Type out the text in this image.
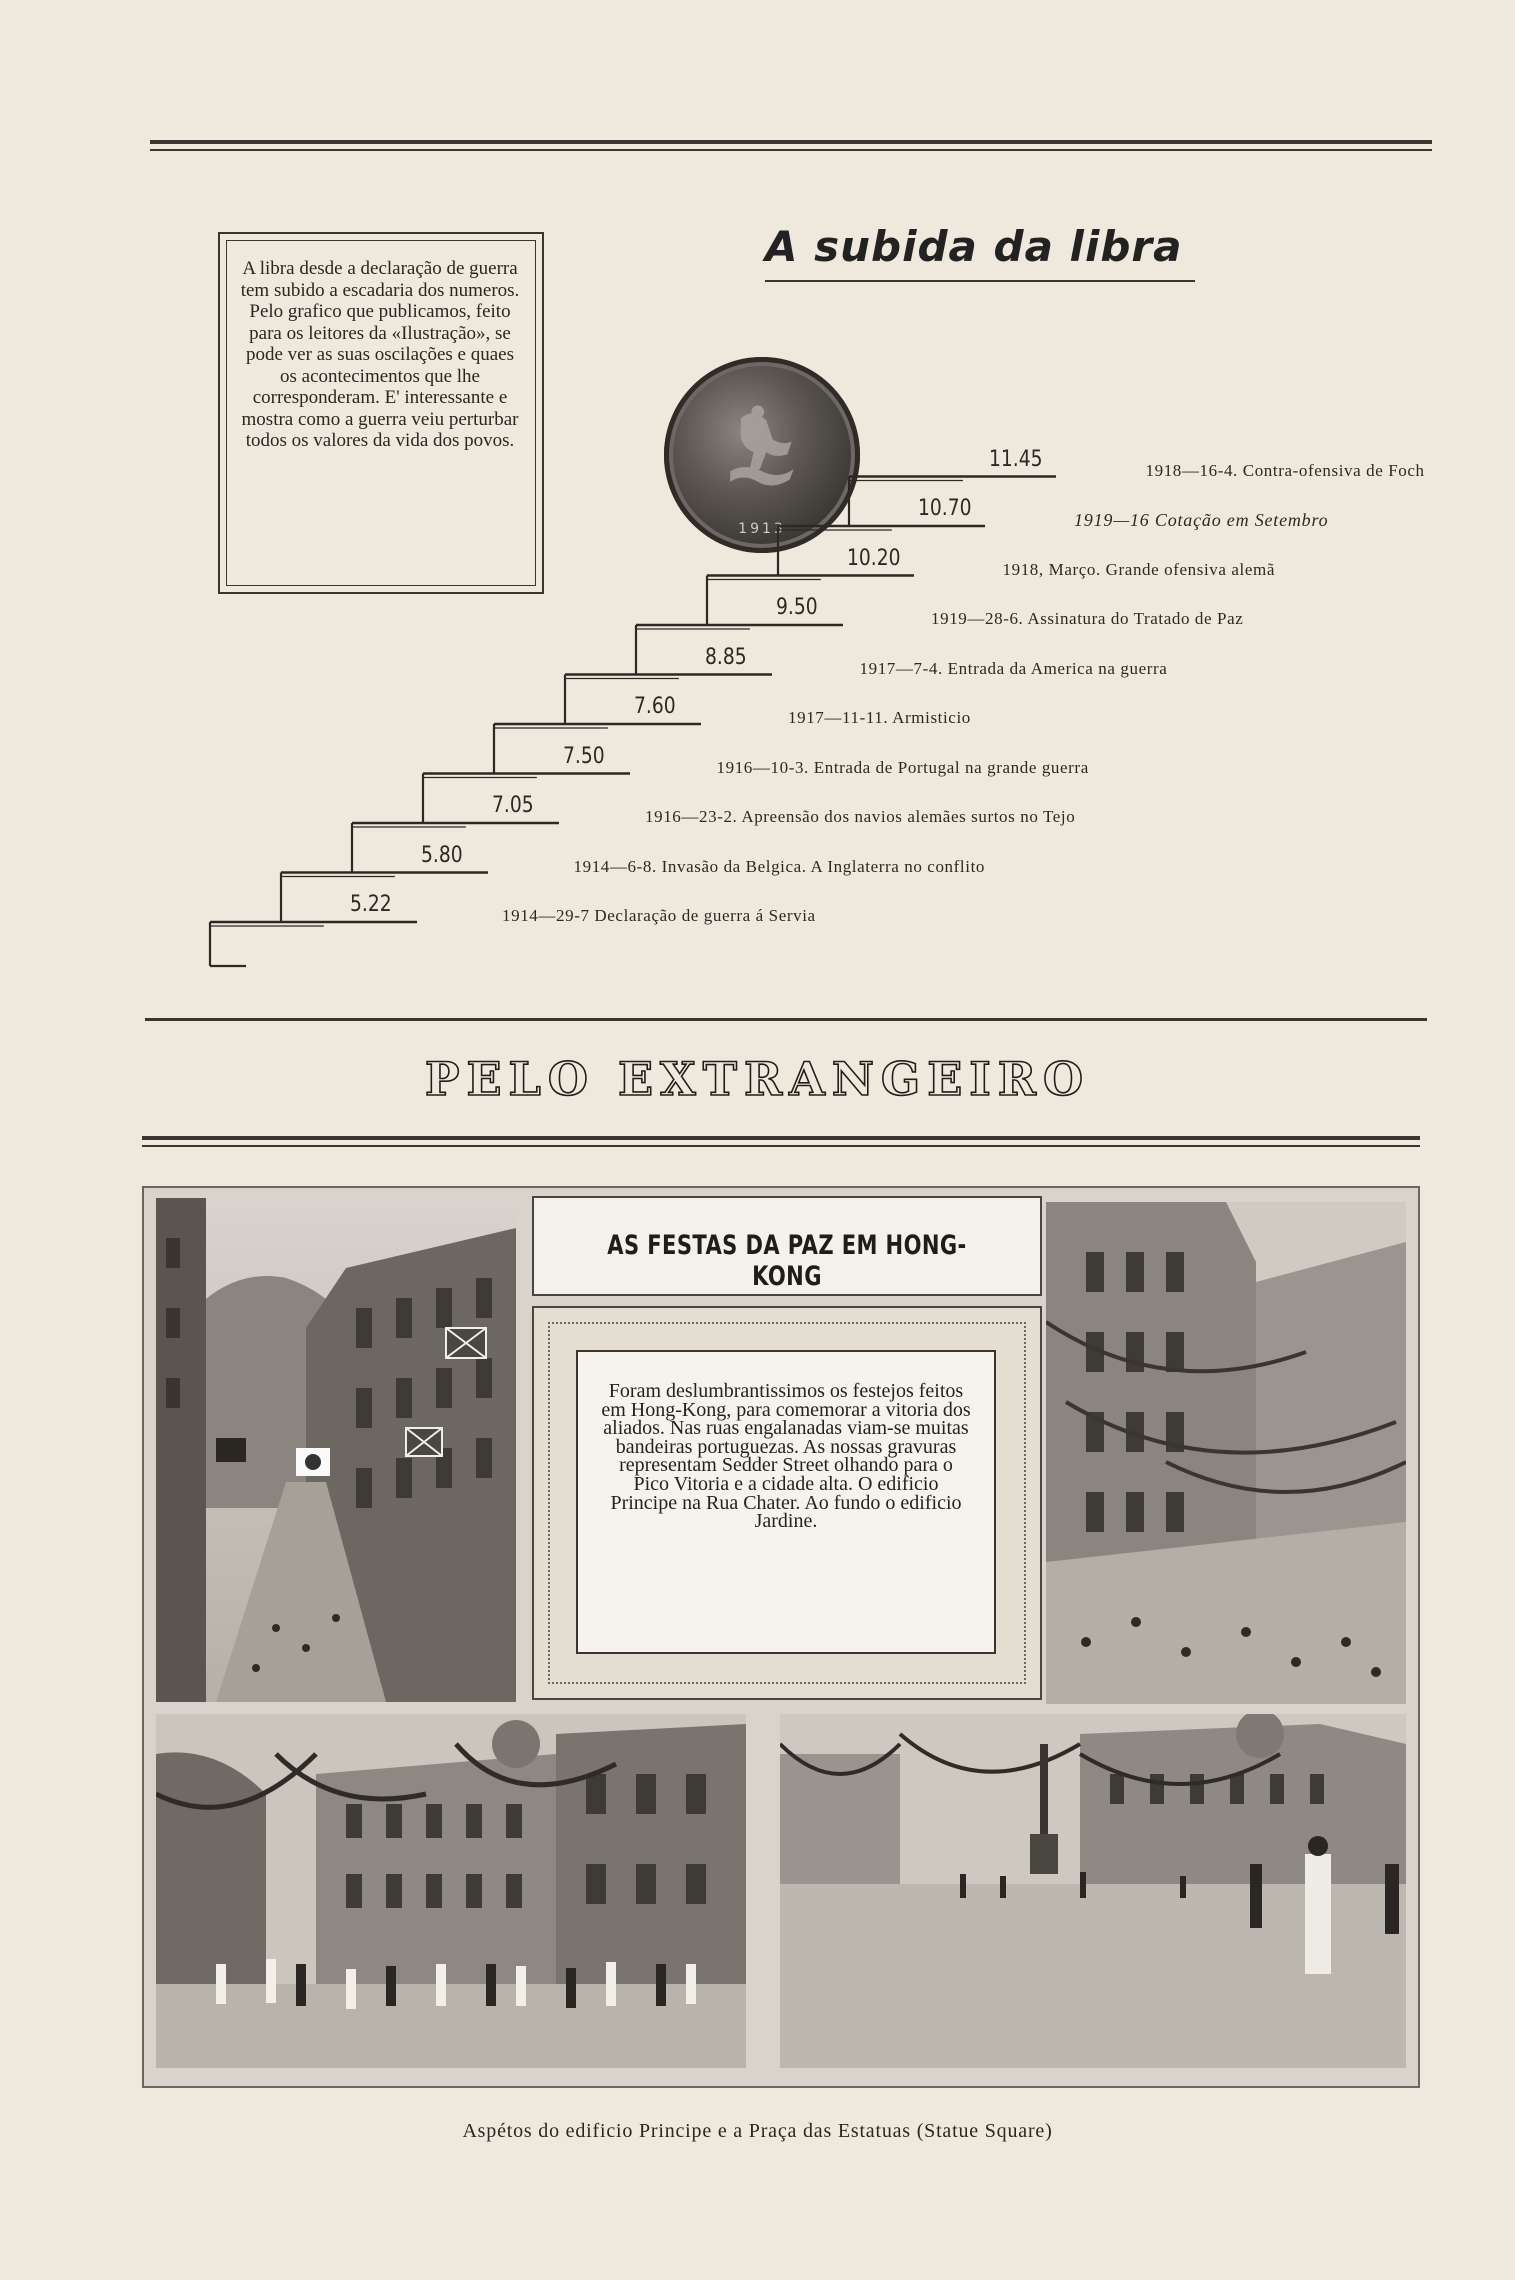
A libra desde a declaração de guerra tem subido a escadaria dos numeros. Pelo grafico que publicamos, feito para os leitores da «Ilustração», se pode ver as suas oscilações e quaes os acontecimentos que lhe corresponderam. E' interessante e mostra como a guerra veiu perturbar todos os valores da vida dos povos.
A subida da libra
1913
5.22	1914—29-7 Declaração de guerra á Servia
5.80	1914—6-8. Invasão da Belgica. A Inglaterra no conflito
7.05	1916—23-2. Apreensão dos navios alemães surtos no Tejo
7.50	1916—10-3. Entrada de Portugal na grande guerra
7.60	1917—11-11. Armisticio
8.85	1917—7-4. Entrada da America na guerra
9.50	1919—28-6. Assinatura do Tratado de Paz
10.20	1918, Março. Grande ofensiva alemã
10.70	1919—16 Cotação em Setembro
11.45	1918—16-4. Contra-ofensiva de Foch
PELO EXTRANGEIRO
AS FESTAS DA PAZ EM HONG-KONG
Foram deslumbrantissimos os festejos feitos em Hong-Kong, para comemorar a vitoria dos aliados. Nas ruas engalanadas viam-se muitas bandeiras portuguezas. As nossas gravuras representam Sedder Street olhando para o Pico Vitoria e a cidade alta. O edificio Principe na Rua Chater. Ao fundo o edificio Jardine.
Aspétos do edificio Principe e a Praça das Estatuas (Statue Square)
